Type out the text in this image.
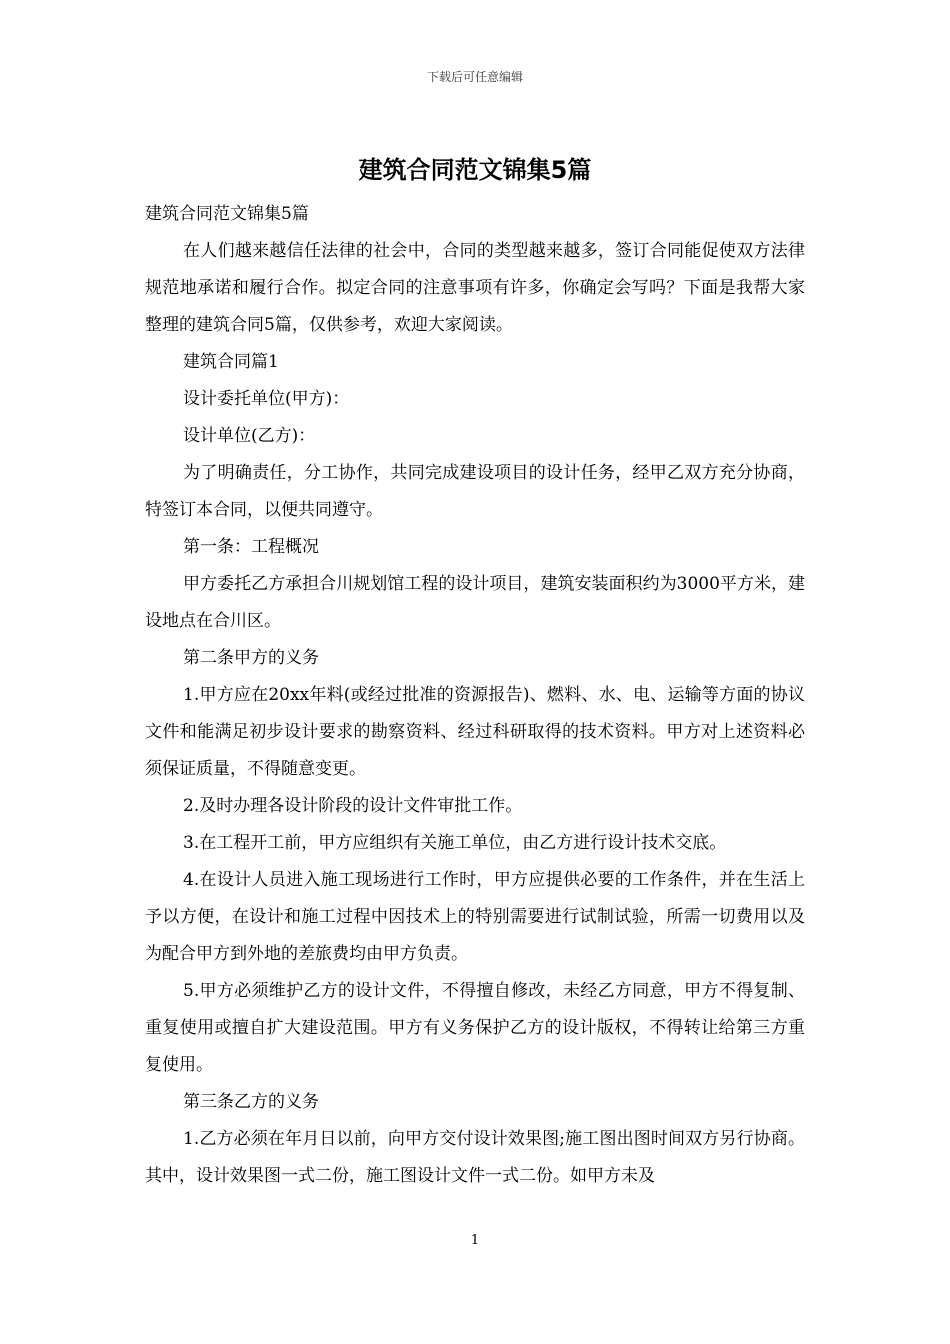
下载后可任意编辑
建筑合同范文锦集5篇

建筑合同范文锦集5篇

在人们越来越信任法律的社会中，合同的类型越来越多，签订合同能促使双方法律规范地承诺和履行合作。拟定合同的注意事项有许多，你确定会写吗？下面是我帮大家整理的建筑合同5篇，仅供参考，欢迎大家阅读。

建筑合同篇1

设计委托单位(甲方)：

设计单位(乙方)：

为了明确责任，分工协作，共同完成建设项目的设计任务，经甲乙双方充分协商，特签订本合同，以便共同遵守。

第一条：工程概况

甲方委托乙方承担合川规划馆工程的设计项目，建筑安装面积约为3000平方米，建设地点在合川区。

第二条甲方的义务

1.甲方应在20xx年料(或经过批准的资源报告)、燃料、水、电、运输等方面的协议文件和能满足初步设计要求的勘察资料、经过科研取得的技术资料。甲方对上述资料必须保证质量，不得随意变更。

2.及时办理各设计阶段的设计文件审批工作。

3.在工程开工前，甲方应组织有关施工单位，由乙方进行设计技术交底。

4.在设计人员进入施工现场进行工作时，甲方应提供必要的工作条件，并在生活上予以方便，在设计和施工过程中因技术上的特别需要进行试制试验，所需一切费用以及为配合甲方到外地的差旅费均由甲方负责。

5.甲方必须维护乙方的设计文件，不得擅自修改，未经乙方同意，甲方不得复制、重复使用或擅自扩大建设范围。甲方有义务保护乙方的设计版权，不得转让给第三方重复使用。

第三条乙方的义务

1.乙方必须在年月日以前，向甲方交付设计效果图;施工图出图时间双方另行协商。其中，设计效果图一式二份，施工图设计文件一式二份。如甲方未及

1
